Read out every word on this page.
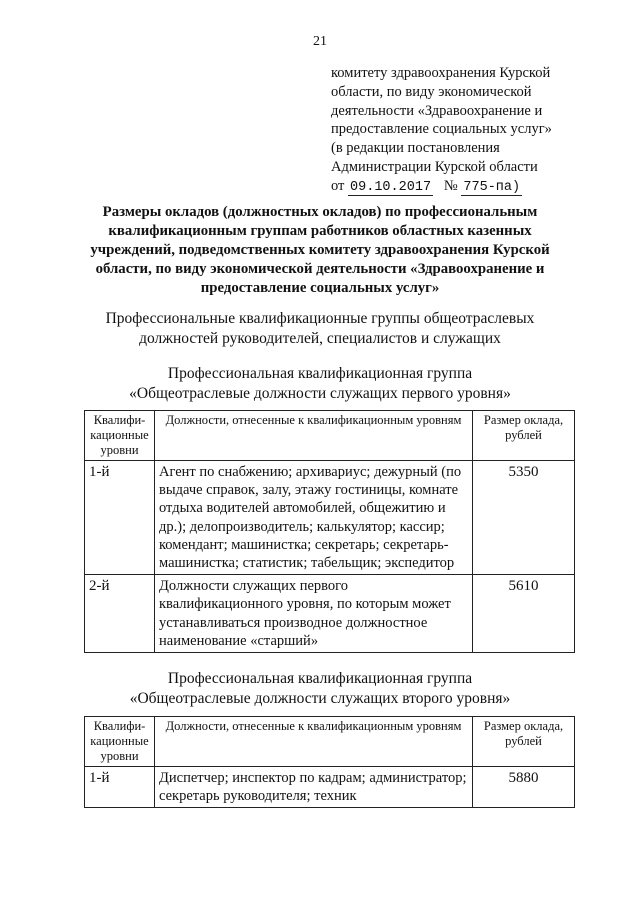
21
комитету здравоохранения Курской
области, по виду экономической
деятельности «Здравоохранение и
предоставление социальных услуг»
(в редакции постановления
Администрации Курской области
от 09.10.2017 № 775-па)
Размеры окладов (должностных окладов) по профессиональным
квалификационным группам работников областных казенных
учреждений, подведомственных комитету здравоохранения Курской
области, по виду экономической деятельности «Здравоохранение и
предоставление социальных услуг»
Профессиональные квалификационные группы общеотраслевых
должностей руководителей, специалистов и служащих
Профессиональная квалификационная группа
«Общеотраслевые должности служащих первого уровня»
Квалифи-
кационные
уровни	Должности, отнесенные к квалификационным уровням	Размер оклада,
рублей
1-й	Агент по снабжению; архивариус; дежурный (по выдаче справок, залу, этажу гостиницы, комнате отдыха водителей автомобилей, общежитию и др.); делопроизводитель; калькулятор; кассир; комендант; машинистка; секретарь; секретарь-машинистка; статистик; табельщик; экспедитор	5350
2-й	Должности служащих первого квалификационного уровня, по которым может устанавливаться производное должностное наименование «старший»	5610
Профессиональная квалификационная группа
«Общеотраслевые должности служащих второго уровня»
Квалифи-
кационные
уровни	Должности, отнесенные к квалификационным уровням	Размер оклада,
рублей
1-й	Диспетчер; инспектор по кадрам; администратор; секретарь руководителя; техник	5880
